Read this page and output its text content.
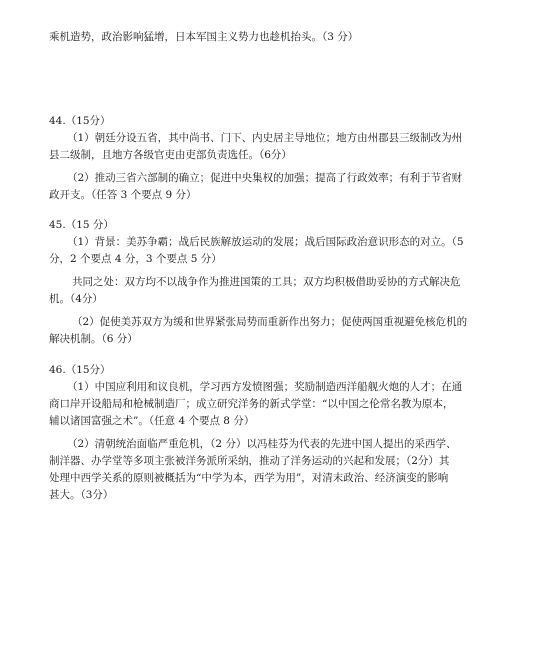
乘机造势，政治影响猛增，日本军国主义势力也趁机抬头。（3 分）
44.（15分）
（1）朝廷分设五省，其中尚书、门下、内史居主导地位；地方由州郡县三级制改为州
县二级制，且地方各级官吏由吏部负责选任。（6分）
（2）推动三省六部制的确立；促进中央集权的加强；提高了行政效率；有利于节省财
政开支。（任答 3 个要点 9 分）
45.（15 分）
（1）背景：美苏争霸；战后民族解放运动的发展；战后国际政治意识形态的对立。（5
分，2 个要点 4 分，3 个要点 5 分）
共同之处：双方均不以战争作为推进国策的工具；双方均积极借助妥协的方式解决危
机。（4分）
（2）促使美苏双方为缓和世界紧张局势而重新作出努力；促使两国重视避免核危机的
解决机制。（6 分）
46.（15分）
（1）中国应利用和议良机，学习西方发愤图强；奖励制造西洋船舰火炮的人才；在通
商口岸开设船局和枪械制造厂；成立研究洋务的新式学堂：“以中国之伦常名教为原本，
辅以诸国富强之术”。（任意 4 个要点 8 分）
（2）清朝统治面临严重危机，（2 分）以冯桂芬为代表的先进中国人提出的采西学、
制洋器、办学堂等多项主张被洋务派所采纳，推动了洋务运动的兴起和发展；（2分）其
处理中西学关系的原则被概括为“中学为本，西学为用”，对清末政治、经济演变的影响
甚大。（3分）
